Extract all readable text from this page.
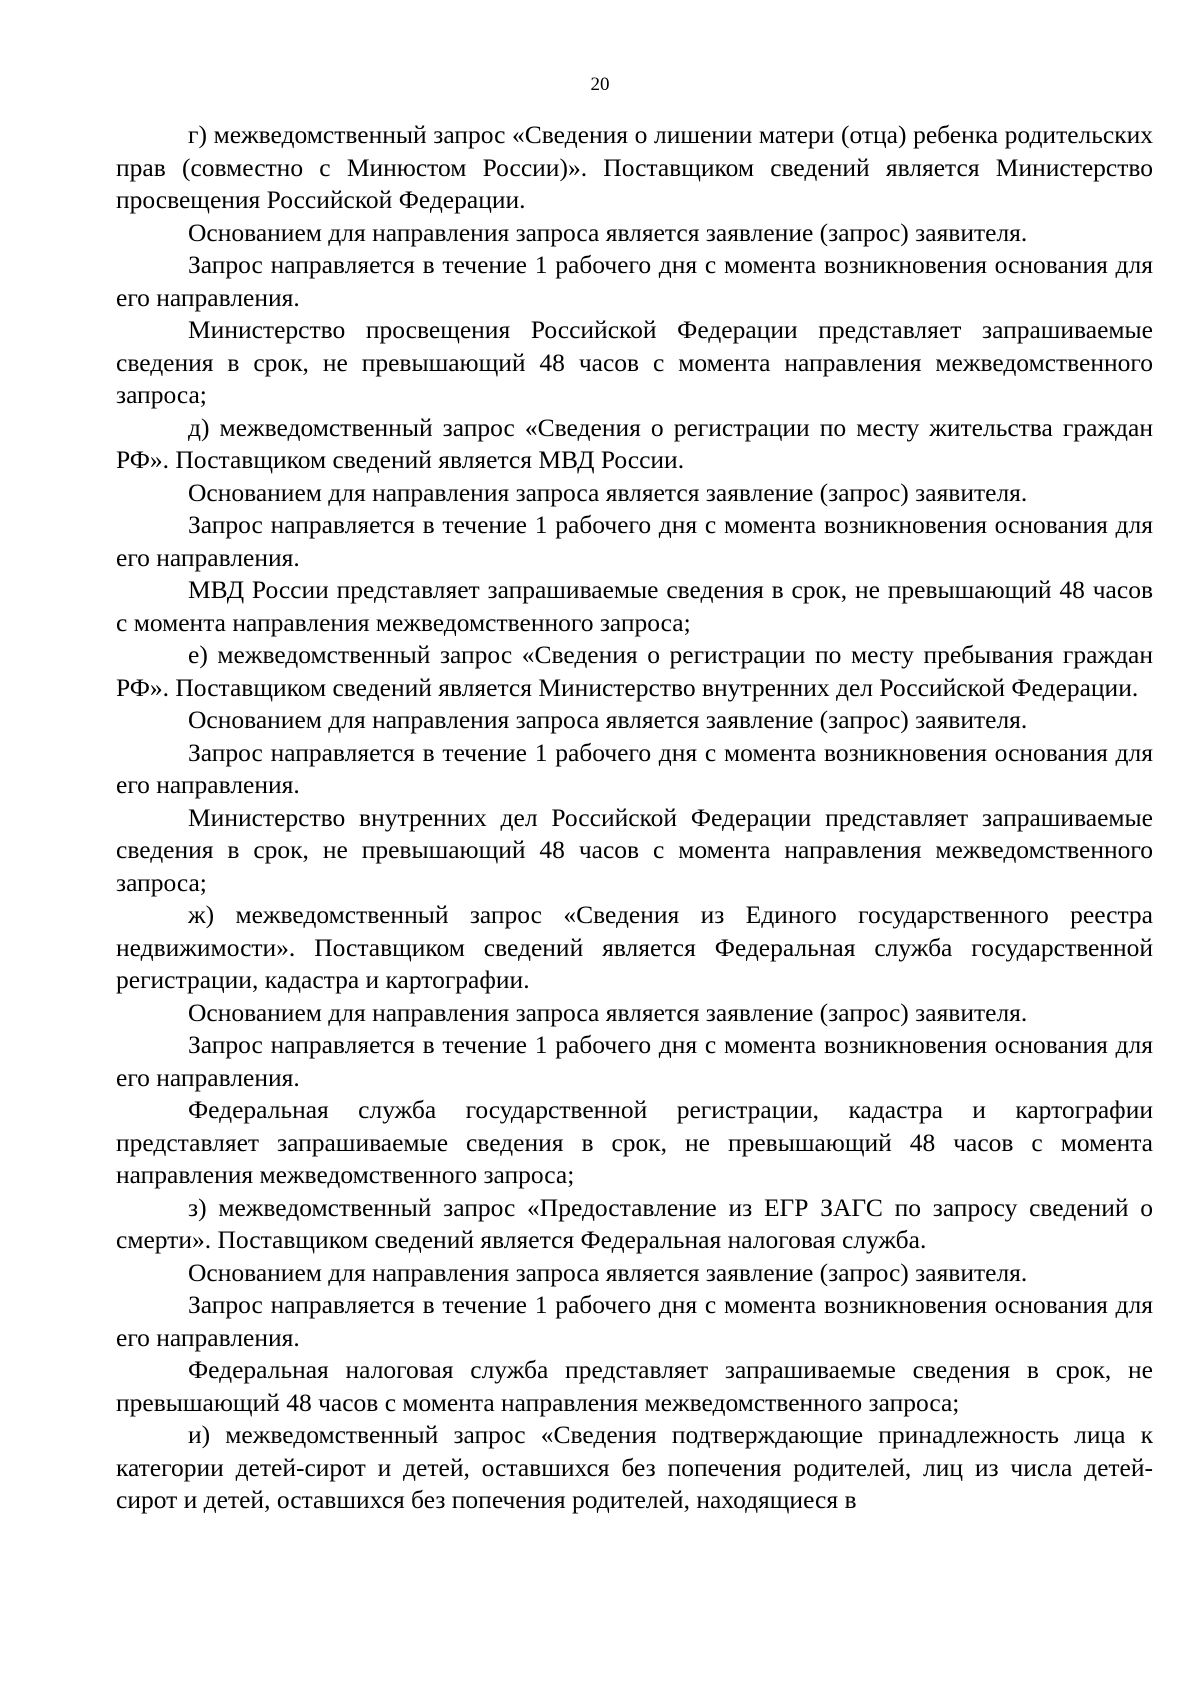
20

г) межведомственный запрос «Сведения о лишении матери (отца) ребенка родительских прав (совместно с Минюстом России)». Поставщиком сведений является Министерство просвещения Российской Федерации.

Основанием для направления запроса является заявление (запрос) заявителя.

Запрос направляется в течение 1 рабочего дня с момента возникновения основания для его направления.

Министерство просвещения Российской Федерации представляет запрашиваемые сведения в срок, не превышающий 48 часов с момента направления межведомственного запроса;

д) межведомственный запрос «Сведения о регистрации по месту жительства граждан РФ». Поставщиком сведений является МВД России.

Основанием для направления запроса является заявление (запрос) заявителя.

Запрос направляется в течение 1 рабочего дня с момента возникновения основания для его направления.

МВД России представляет запрашиваемые сведения в срок, не превышающий 48 часов с момента направления межведомственного запроса;

е) межведомственный запрос «Сведения о регистрации по месту пребывания граждан РФ». Поставщиком сведений является Министерство внутренних дел Российской Федерации.

Основанием для направления запроса является заявление (запрос) заявителя.

Запрос направляется в течение 1 рабочего дня с момента возникновения основания для его направления.

Министерство внутренних дел Российской Федерации представляет запрашиваемые сведения в срок, не превышающий 48 часов с момента направления межведомственного запроса;

ж) межведомственный запрос «Сведения из Единого государственного реестра недвижимости». Поставщиком сведений является Федеральная служба государственной регистрации, кадастра и картографии.

Основанием для направления запроса является заявление (запрос) заявителя.

Запрос направляется в течение 1 рабочего дня с момента возникновения основания для его направления.

Федеральная служба государственной регистрации, кадастра и картографии представляет запрашиваемые сведения в срок, не превышающий 48 часов с момента направления межведомственного запроса;

з) межведомственный запрос «Предоставление из ЕГР ЗАГС по запросу сведений о смерти». Поставщиком сведений является Федеральная налоговая служба.

Основанием для направления запроса является заявление (запрос) заявителя.

Запрос направляется в течение 1 рабочего дня с момента возникновения основания для его направления.

Федеральная налоговая служба представляет запрашиваемые сведения в срок, не превышающий 48 часов с момента направления межведомственного запроса;

и) межведомственный запрос «Сведения подтверждающие принадлежность лица к категории детей-сирот и детей, оставшихся без попечения родителей, лиц из числа детей-сирот и детей, оставшихся без попечения родителей, находящиеся в
